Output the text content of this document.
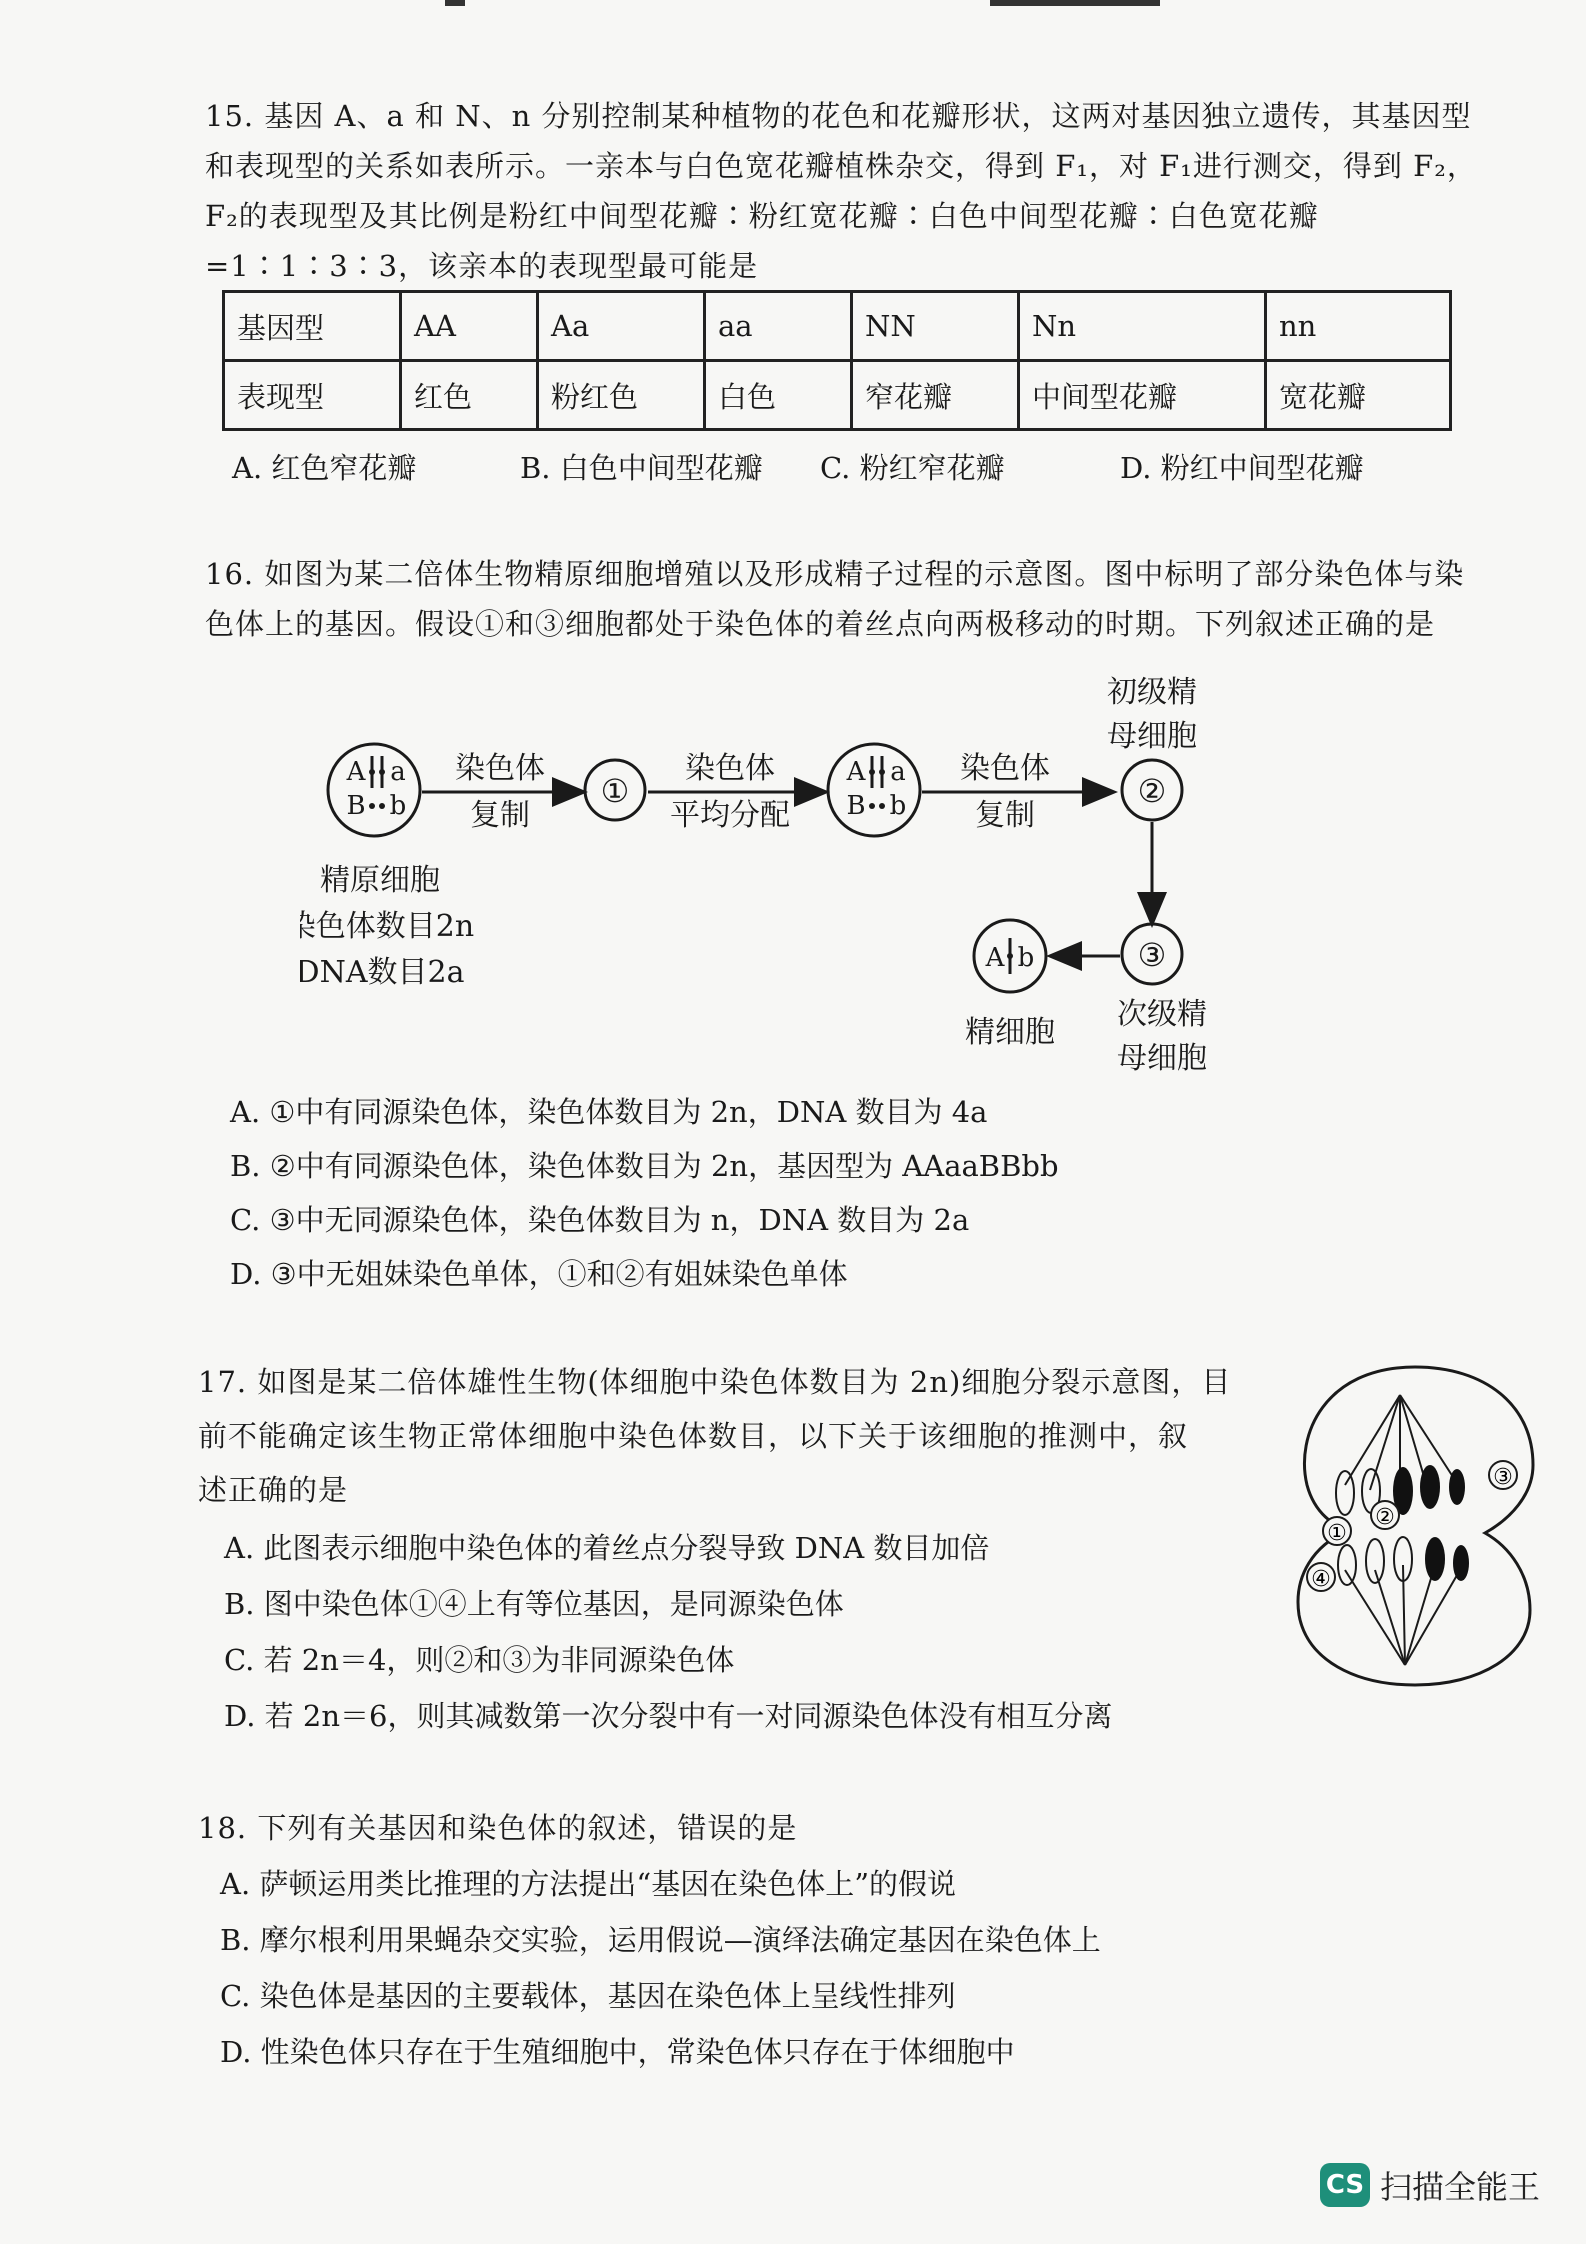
15. 基因 A、a 和 N、n 分别控制某种植物的花色和花瓣形状，这两对基因独立遗传，其基因型
和表现型的关系如表所示。一亲本与白色宽花瓣植株杂交，得到 F₁，对 F₁进行测交，得到 F₂，
F₂的表现型及其比例是粉红中间型花瓣∶粉红宽花瓣∶白色中间型花瓣∶白色宽花瓣
=1∶1∶3∶3，该亲本的表现型最可能是
基因型	AA	Aa	aa	NN	Nn	nn
表现型	红色	粉红色	白色	窄花瓣	中间型花瓣	宽花瓣
A. 红色窄花瓣	B. 白色中间型花瓣 C. 粉红窄花瓣	D. 粉红中间型花瓣
16. 如图为某二倍体生物精原细胞增殖以及形成精子过程的示意图。图中标明了部分染色体与染
色体上的基因。假设①和③细胞都处于染色体的着丝点向两极移动的时期。下列叙述正确的是
初级精
母细胞
A a
B b
染色体
复制
①
染色体
平均分配
A a
B b
染色体
复制
②
③
A b
精原细胞
染色体数目2n
DNA数目2a
精细胞
次级精
母细胞
A. ①中有同源染色体，染色体数目为 2n，DNA 数目为 4a
B. ②中有同源染色体，染色体数目为 2n，基因型为 AAaaBBbb
C. ③中无同源染色体，染色体数目为 n，DNA 数目为 2a
D. ③中无姐妹染色单体，①和②有姐妹染色单体
17. 如图是某二倍体雄性生物(体细胞中染色体数目为 2n)细胞分裂示意图，目
前不能确定该生物正常体细胞中染色体数目，以下关于该细胞的推测中，叙
述正确的是
A. 此图表示细胞中染色体的着丝点分裂导致 DNA 数目加倍
B. 图中染色体①④上有等位基因，是同源染色体
C. 若 2n＝4，则②和③为非同源染色体
D. 若 2n＝6，则其减数第一次分裂中有一对同源染色体没有相互分离
①
②
③
④
18. 下列有关基因和染色体的叙述，错误的是
A. 萨顿运用类比推理的方法提出“基因在染色体上”的假说
B. 摩尔根利用果蝇杂交实验，运用假说—演绎法确定基因在染色体上
C. 染色体是基因的主要载体，基因在染色体上呈线性排列
D. 性染色体只存在于生殖细胞中，常染色体只存在于体细胞中
CS 扫描全能王
